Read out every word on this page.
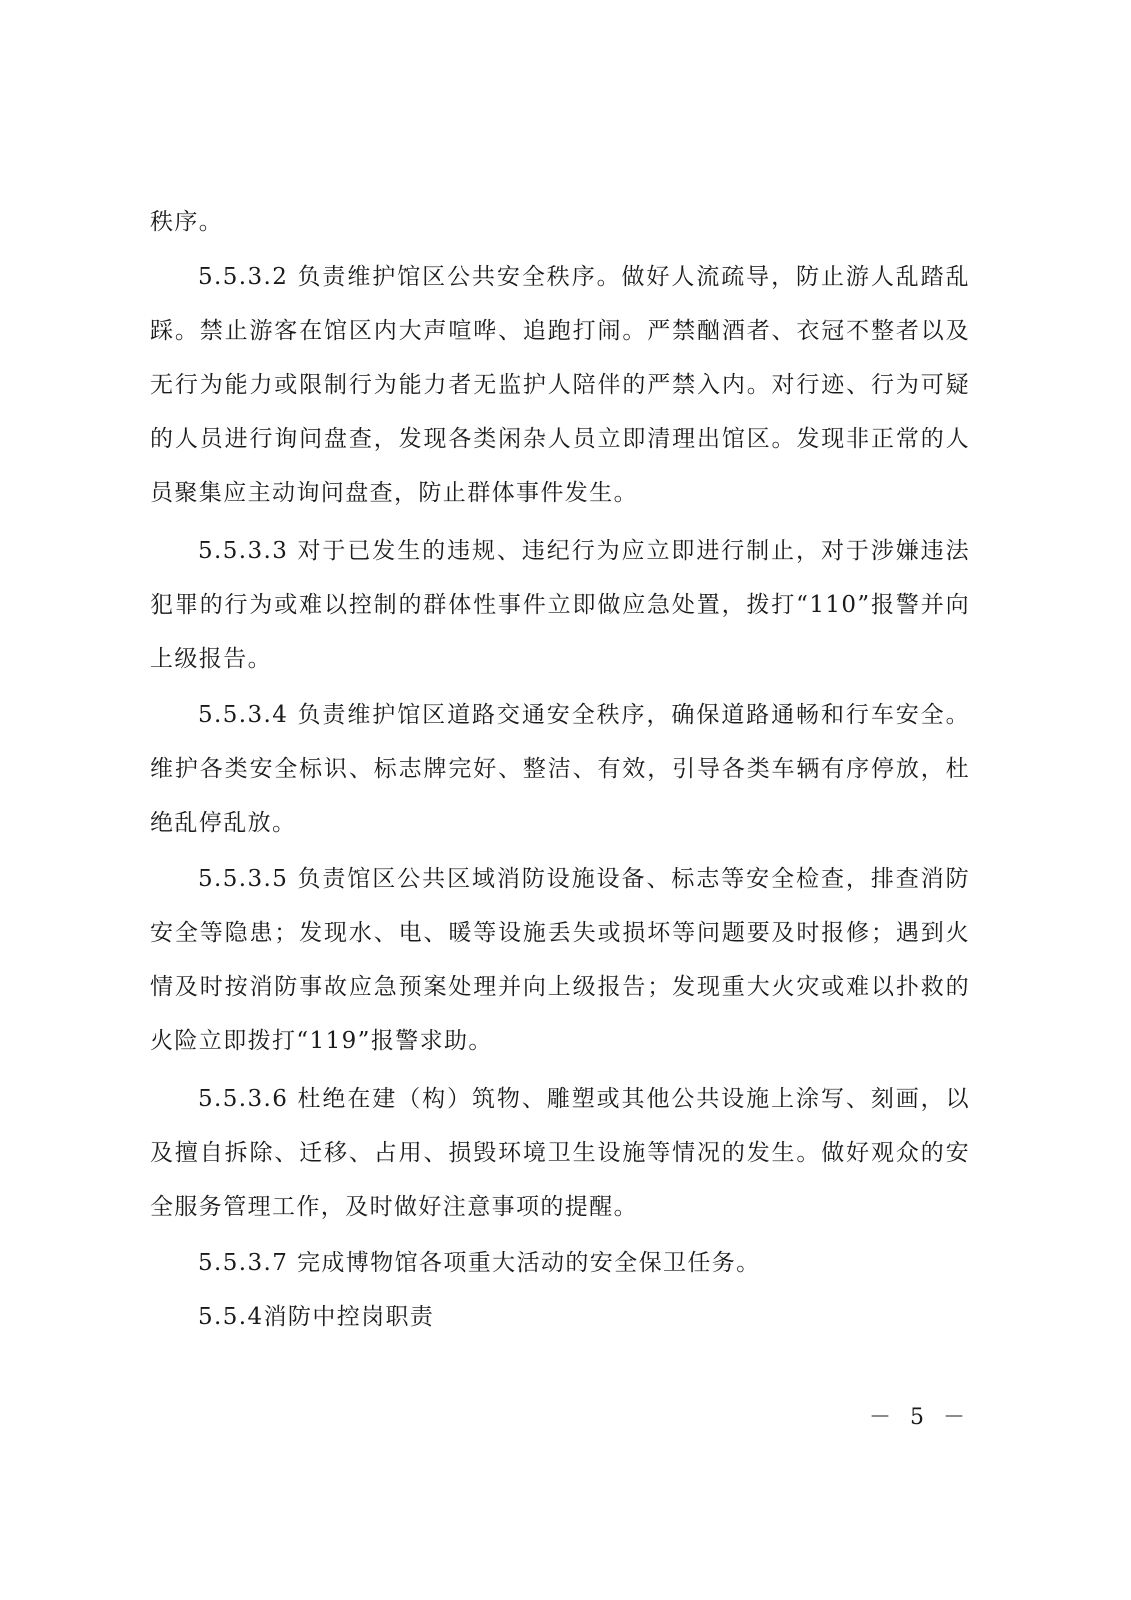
秩序。

5.5.3.2 负责维护馆区公共安全秩序。做好人流疏导，防止游人乱踏乱踩。禁止游客在馆区内大声喧哗、追跑打闹。严禁酗酒者、衣冠不整者以及无行为能力或限制行为能力者无监护人陪伴的严禁入内。对行迹、行为可疑的人员进行询问盘查，发现各类闲杂人员立即清理出馆区。发现非正常的人员聚集应主动询问盘查，防止群体事件发生。

5.5.3.3 对于已发生的违规、违纪行为应立即进行制止，对于涉嫌违法犯罪的行为或难以控制的群体性事件立即做应急处置，拨打“110”报警并向上级报告。

5.5.3.4 负责维护馆区道路交通安全秩序，确保道路通畅和行车安全。维护各类安全标识、标志牌完好、整洁、有效，引导各类车辆有序停放，杜绝乱停乱放。

5.5.3.5 负责馆区公共区域消防设施设备、标志等安全检查，排查消防安全等隐患；发现水、电、暖等设施丢失或损坏等问题要及时报修；遇到火情及时按消防事故应急预案处理并向上级报告；发现重大火灾或难以扑救的火险立即拨打“119”报警求助。

5.5.3.6 杜绝在建（构）筑物、雕塑或其他公共设施上涂写、刻画，以及擅自拆除、迁移、占用、损毁环境卫生设施等情况的发生。做好观众的安全服务管理工作，及时做好注意事项的提醒。

5.5.3.7 完成博物馆各项重大活动的安全保卫任务。

5.5.4消防中控岗职责

－ 5 －
